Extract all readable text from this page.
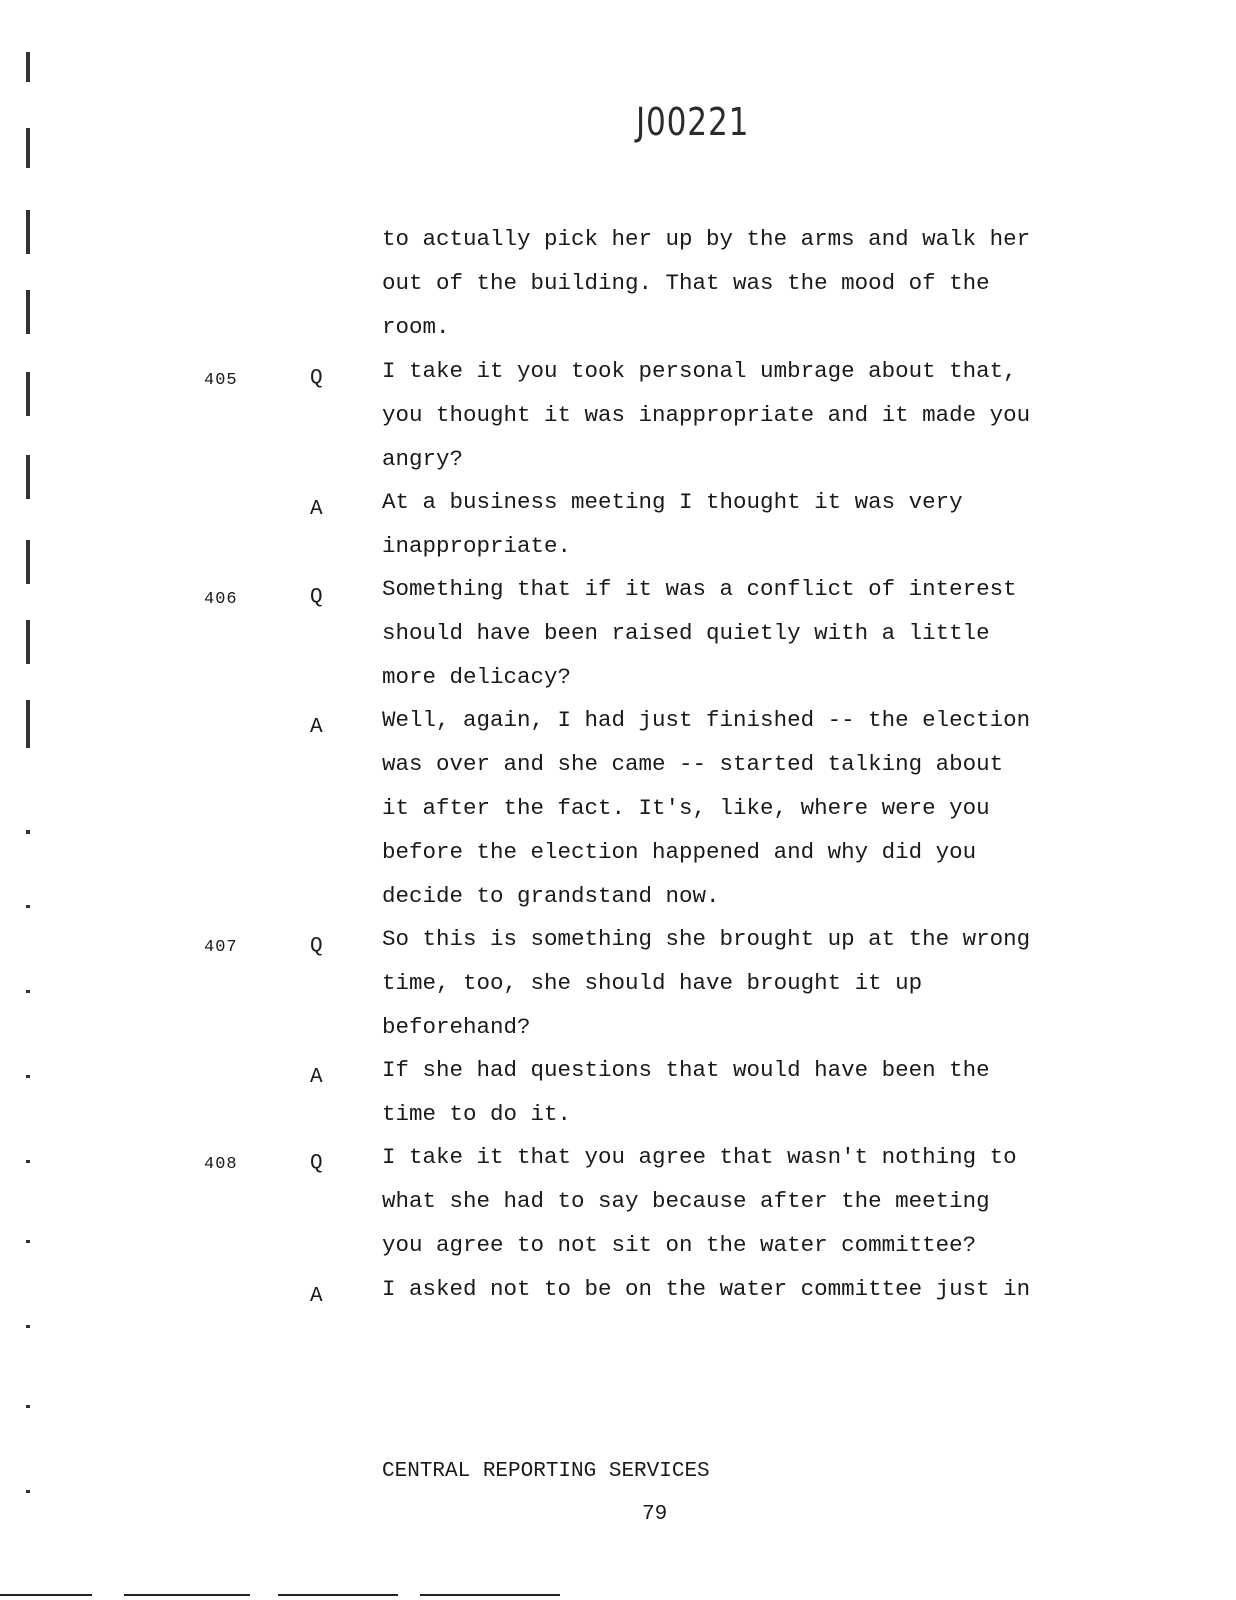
J00221
to actually pick her up by the arms and walk her
out of the building. That was the mood of the
room.
405	Q	I take it you took personal umbrage about that,
you thought it was inappropriate and it made you
angry?
A	At a business meeting I thought it was very
inappropriate.
406	Q	Something that if it was a conflict of interest
should have been raised quietly with a little
more delicacy?
A	Well, again, I had just finished -- the election
was over and she came -- started talking about
it after the fact. It's, like, where were you
before the election happened and why did you
decide to grandstand now.
407	Q	So this is something she brought up at the wrong
time, too, she should have brought it up
beforehand?
A	If she had questions that would have been the
time to do it.
408	Q	I take it that you agree that wasn't nothing to
what she had to say because after the meeting
you agree to not sit on the water committee?
A	I asked not to be on the water committee just in
CENTRAL REPORTING SERVICES
79
